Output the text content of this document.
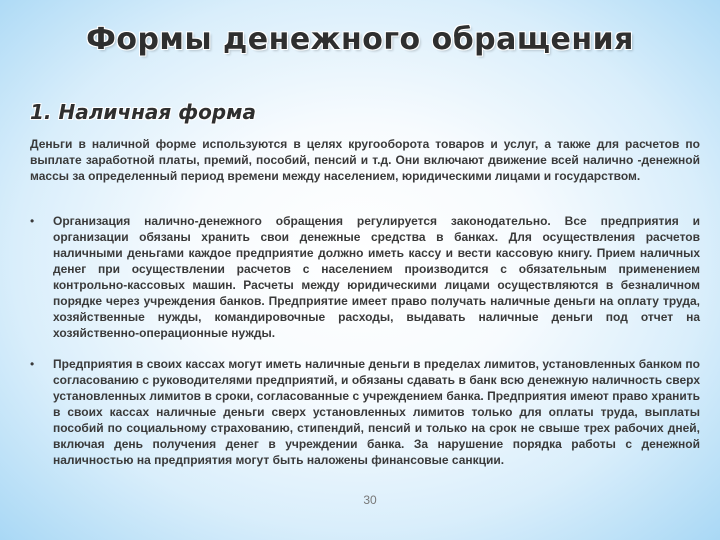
Формы денежного обращения
1. Наличная форма

Деньги в наличной форме используются в целях кругооборота товаров и услуг, а также для расчетов по выплате заработной платы, премий, пособий, пенсий и т.д. Они включают движение всей налично -денежной массы за определенный период времени между населением, юридическими лицами и государством.

• Организация налично-денежного обращения регулируется законодательно. Все предприятия и организации обязаны хранить свои денежные средства в банках. Для осуществления расчетов наличными деньгами каждое предприятие должно иметь кассу и вести кассовую книгу. Прием наличных денег при осуществлении расчетов с населением производится с обязательным применением контрольно-кассовых машин. Расчеты между юридическими лицами осуществляются в безналичном порядке через учреждения банков. Предприятие имеет право получать наличные деньги на оплату труда, хозяйственные нужды, командировочные расходы, выдавать наличные деньги под отчет на хозяйственно-операционные нужды.
• Предприятия в своих кассах могут иметь наличные деньги в пределах лимитов, установленных банком по согласованию с руководителями предприятий, и обязаны сдавать в банк всю денежную наличность сверх установленных лимитов в сроки, согласованные с учреждением банка. Предприятия имеют право хранить в своих кассах наличные деньги сверх установленных лимитов только для оплаты труда, выплаты пособий по социальному страхованию, стипендий, пенсий и только на срок не свыше трех рабочих дней, включая день получения денег в учреждении банка. За нарушение порядка работы с денежной наличностью на предприятия могут быть наложены финансовые санкции.
30
